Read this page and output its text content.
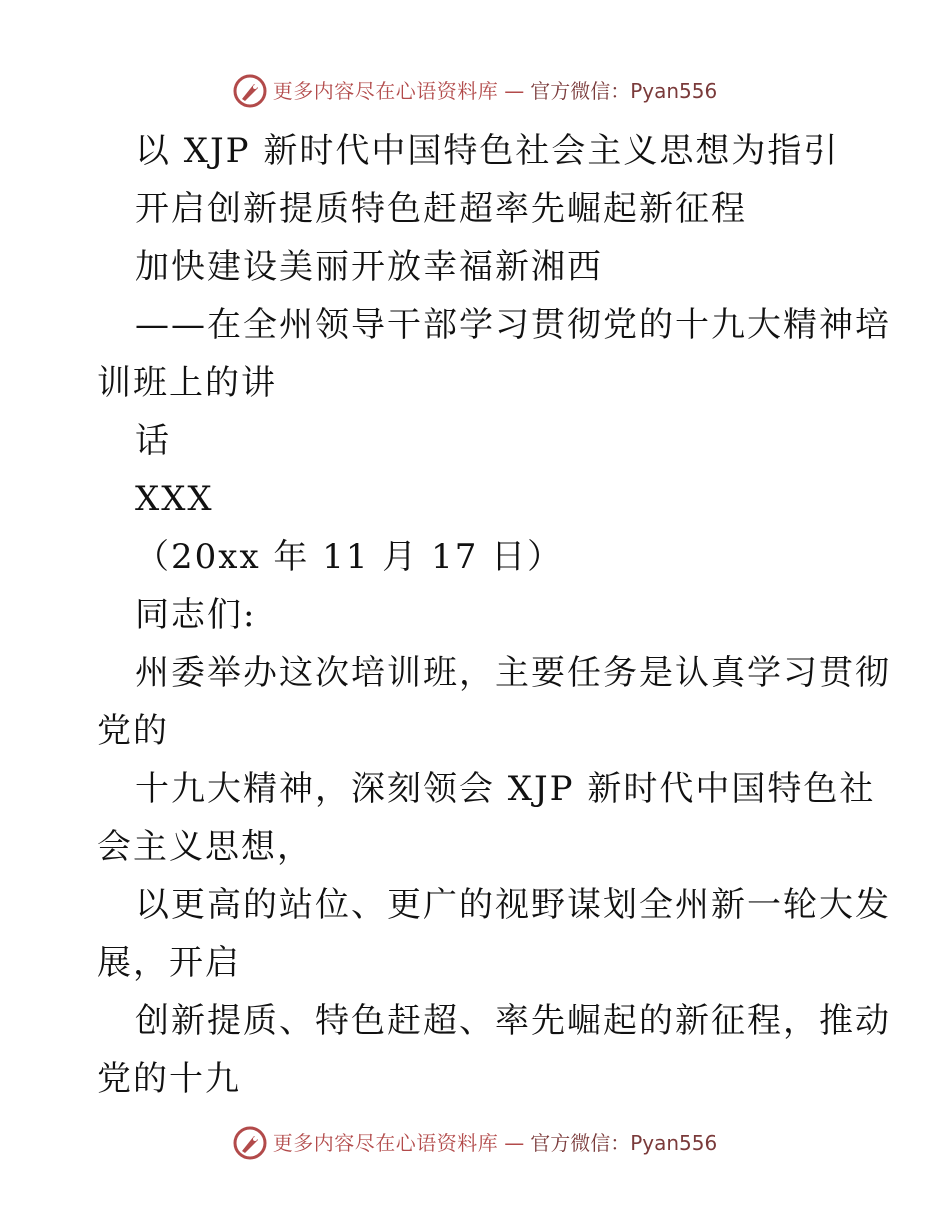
更多内容尽在心语资料库 — 官方微信：Pyan556
以 XJP 新时代中国特色社会主义思想为指引
开启创新提质特色赶超率先崛起新征程
加快建设美丽开放幸福新湘西
——在全州领导干部学习贯彻党的十九大精神培
训班上的讲
话
XXX
（20xx 年 11 月 17 日）
同志们:
州委举办这次培训班，主要任务是认真学习贯彻
党的
十九大精神，深刻领会 XJP 新时代中国特色社
会主义思想，
以更高的站位、更广的视野谋划全州新一轮大发
展，开启
创新提质、特色赶超、率先崛起的新征程，推动
党的十九
更多内容尽在心语资料库 — 官方微信：Pyan556
